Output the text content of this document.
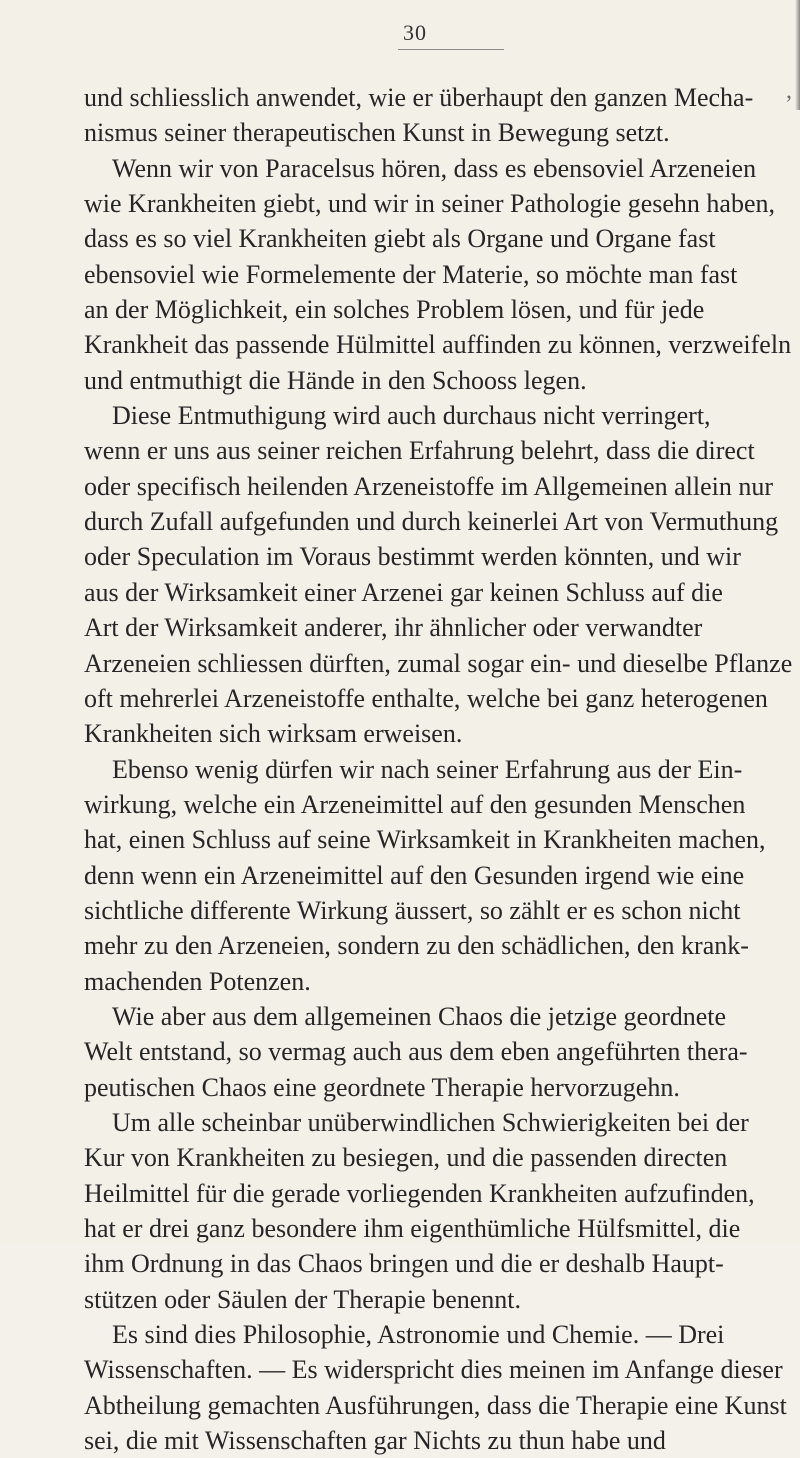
30
,
und schliesslich anwendet, wie er überhaupt den ganzen Mecha-
nismus seiner therapeutischen Kunst in Bewegung setzt.
Wenn wir von Paracelsus hören, dass es ebensoviel Arzeneien
wie Krankheiten giebt, und wir in seiner Pathologie gesehn haben,
dass es so viel Krankheiten giebt als Organe und Organe fast
ebensoviel wie Formelemente der Materie, so möchte man fast
an der Möglichkeit, ein solches Problem lösen, und für jede
Krankheit das passende Hülmittel auffinden zu können, verzweifeln
und entmuthigt die Hände in den Schooss legen.
Diese Entmuthigung wird auch durchaus nicht verringert,
wenn er uns aus seiner reichen Erfahrung belehrt, dass die direct
oder specifisch heilenden Arzeneistoffe im Allgemeinen allein nur
durch Zufall aufgefunden und durch keinerlei Art von Vermuthung
oder Speculation im Voraus bestimmt werden könnten, und wir
aus der Wirksamkeit einer Arzenei gar keinen Schluss auf die
Art der Wirksamkeit anderer, ihr ähnlicher oder verwandter
Arzeneien schliessen dürften, zumal sogar ein- und dieselbe Pflanze
oft mehrerlei Arzeneistoffe enthalte, welche bei ganz heterogenen
Krankheiten sich wirksam erweisen.
Ebenso wenig dürfen wir nach seiner Erfahrung aus der Ein-
wirkung, welche ein Arzeneimittel auf den gesunden Menschen
hat, einen Schluss auf seine Wirksamkeit in Krankheiten machen,
denn wenn ein Arzeneimittel auf den Gesunden irgend wie eine
sichtliche differente Wirkung äussert, so zählt er es schon nicht
mehr zu den Arzeneien, sondern zu den schädlichen, den krank-
machenden Potenzen.
Wie aber aus dem allgemeinen Chaos die jetzige geordnete
Welt entstand, so vermag auch aus dem eben angeführten thera-
peutischen Chaos eine geordnete Therapie hervorzugehn.
Um alle scheinbar unüberwindlichen Schwierigkeiten bei der
Kur von Krankheiten zu besiegen, und die passenden directen
Heilmittel für die gerade vorliegenden Krankheiten aufzufinden,
hat er drei ganz besondere ihm eigenthümliche Hülfsmittel, die
ihm Ordnung in das Chaos bringen und die er deshalb Haupt-
stützen oder Säulen der Therapie benennt.
Es sind dies Philosophie, Astronomie und Chemie. — Drei
Wissenschaften. — Es widerspricht dies meinen im Anfange dieser
Abtheilung gemachten Ausführungen, dass die Therapie eine Kunst
sei, die mit Wissenschaften gar Nichts zu thun habe und
